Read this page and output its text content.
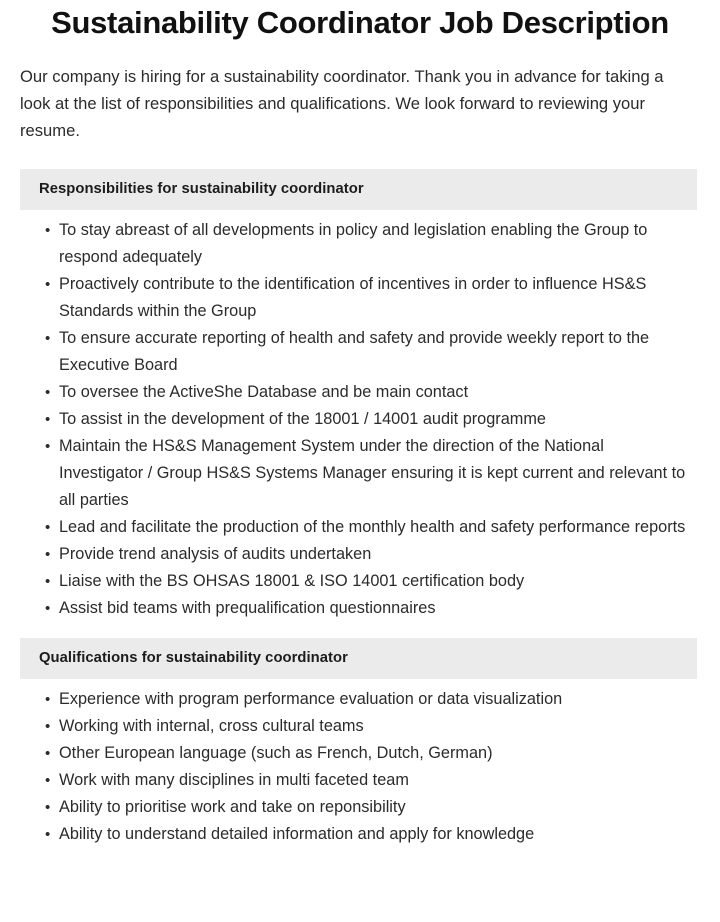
Sustainability Coordinator Job Description

Our company is hiring for a sustainability coordinator. Thank you in advance for taking a look at the list of responsibilities and qualifications. We look forward to reviewing your resume.

Responsibilities for sustainability coordinator
• To stay abreast of all developments in policy and legislation enabling the Group to respond adequately
• Proactively contribute to the identification of incentives in order to influence HS&S Standards within the Group
• To ensure accurate reporting of health and safety and provide weekly report to the Executive Board
• To oversee the ActiveShe Database and be main contact
• To assist in the development of the 18001 / 14001 audit programme
• Maintain the HS&S Management System under the direction of the National Investigator / Group HS&S Systems Manager ensuring it is kept current and relevant to all parties
• Lead and facilitate the production of the monthly health and safety performance reports
• Provide trend analysis of audits undertaken
• Liaise with the BS OHSAS 18001 & ISO 14001 certification body
• Assist bid teams with prequalification questionnaires
Qualifications for sustainability coordinator
• Experience with program performance evaluation or data visualization
• Working with internal, cross cultural teams
• Other European language (such as French, Dutch, German)
• Work with many disciplines in multi faceted team
• Ability to prioritise work and take on reponsibility
• Ability to understand detailed information and apply for knowledge
